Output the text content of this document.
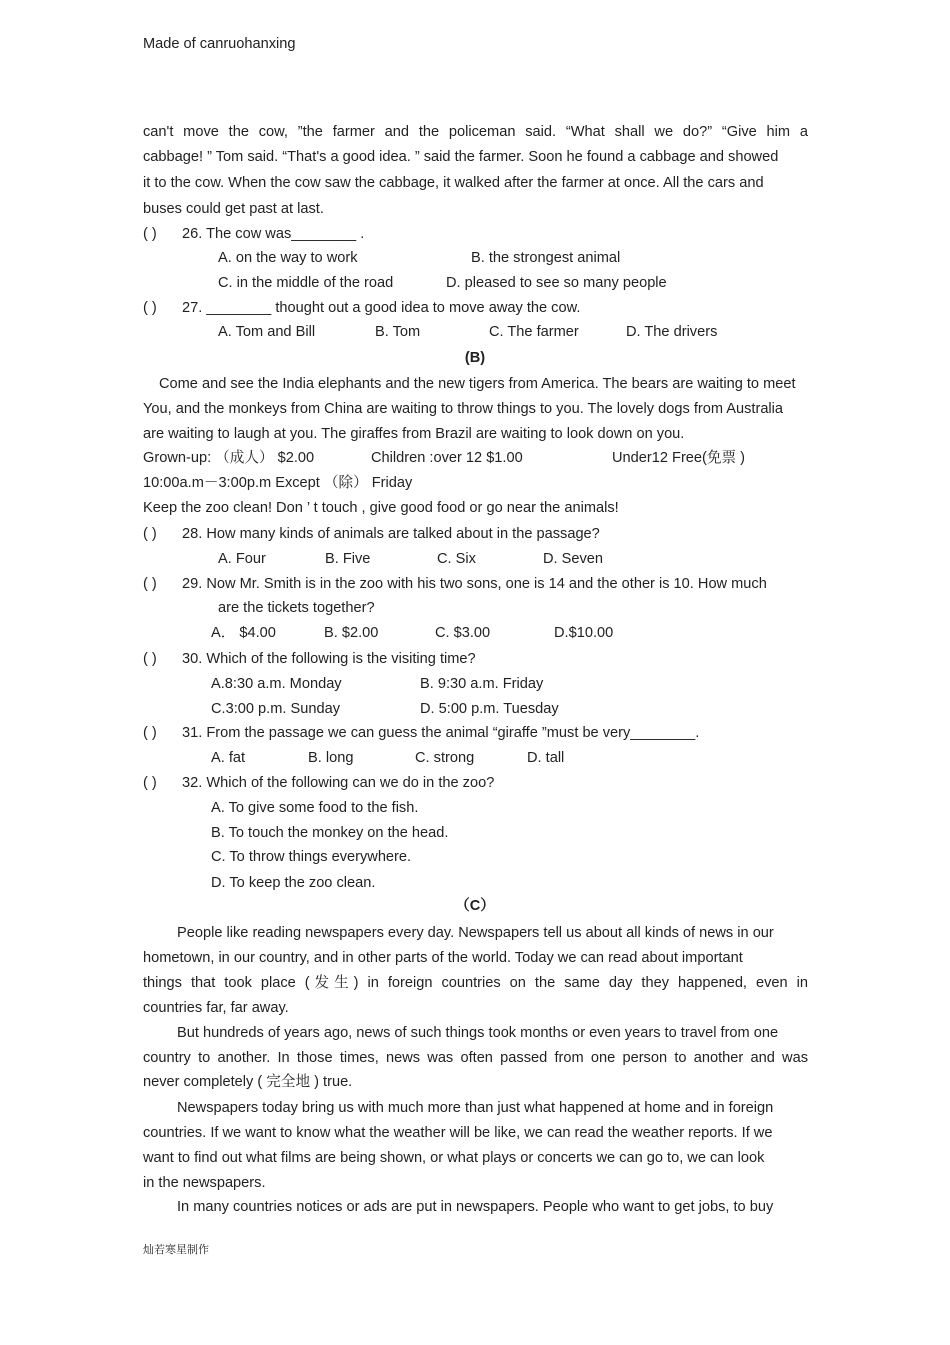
Made of canruohanxing
can't move the cow, ”the farmer and the policeman said. “What shall we do?” “Give him a
cabbage! ” Tom said. “That's a good idea. ” said the farmer. Soon he found a cabbage and showed
it to the cow. When the cow saw the cabbage, it walked after the farmer at once. All the cars and
buses could get past at last.
( )	26. The cow was________ .
A. on the way to work	B. the strongest animal
C. in the middle of the road	D. pleased to see so many people
( )	27. ________ thought out a good idea to move away the cow.
A. Tom and Bill	B. Tom	C. The farmer	D. The drivers
(B)
Come and see the India elephants and the new tigers from America. The bears are waiting to meet
You, and the monkeys from China are waiting to throw things to you. The lovely dogs from Australia
are waiting to laugh at you. The giraffes from Brazil are waiting to look down on you.
Grown-up: （成人） $2.00	Children :over 12 $1.00	Under12 Free(免票 )
10:00a.m－3:00p.m Except （除） Friday
Keep the zoo clean! Don ’ t touch , give good food or go near the animals!
( )	28. How many kinds of animals are talked about in the passage?
A. Four	B. Five	C. Six	D. Seven
( )	29. Now Mr. Smith is in the zoo with his two sons, one is 14 and the other is 10. How much
are the tickets together?
A． $4.00	B. $2.00	C. $3.00	D.$10.00
( )	30. Which of the following is the visiting time?
A.8:30 a.m. Monday	B. 9:30 a.m. Friday
C.3:00 p.m. Sunday	D. 5:00 p.m. Tuesday
( )	31. From the passage we can guess the animal “giraffe ”must be very________.
A. fat	B. long	C. strong	D. tall
( )	32. Which of the following can we do in the zoo?
A. To give some food to the fish.
B. To touch the monkey on the head.
C. To throw things everywhere.
D. To keep the zoo clean.
（C）
People like reading newspapers every day. Newspapers tell us about all kinds of news in our
hometown, in our country, and in other parts of the world. Today we can read about important
things that took place (发生) in foreign countries on the same day they happened, even in
countries far, far away.
But hundreds of years ago, news of such things took months or even years to travel from one
country to another. In those times, news was often passed from one person to another and was
never completely ( 完全地 ) true.
Newspapers today bring us with much more than just what happened at home and in foreign
countries. If we want to know what the weather will be like, we can read the weather reports. If we
want to find out what films are being shown, or what plays or concerts we can go to, we can look
in the newspapers.
In many countries notices or ads are put in newspapers. People who want to get jobs, to buy
灿若寒星制作
